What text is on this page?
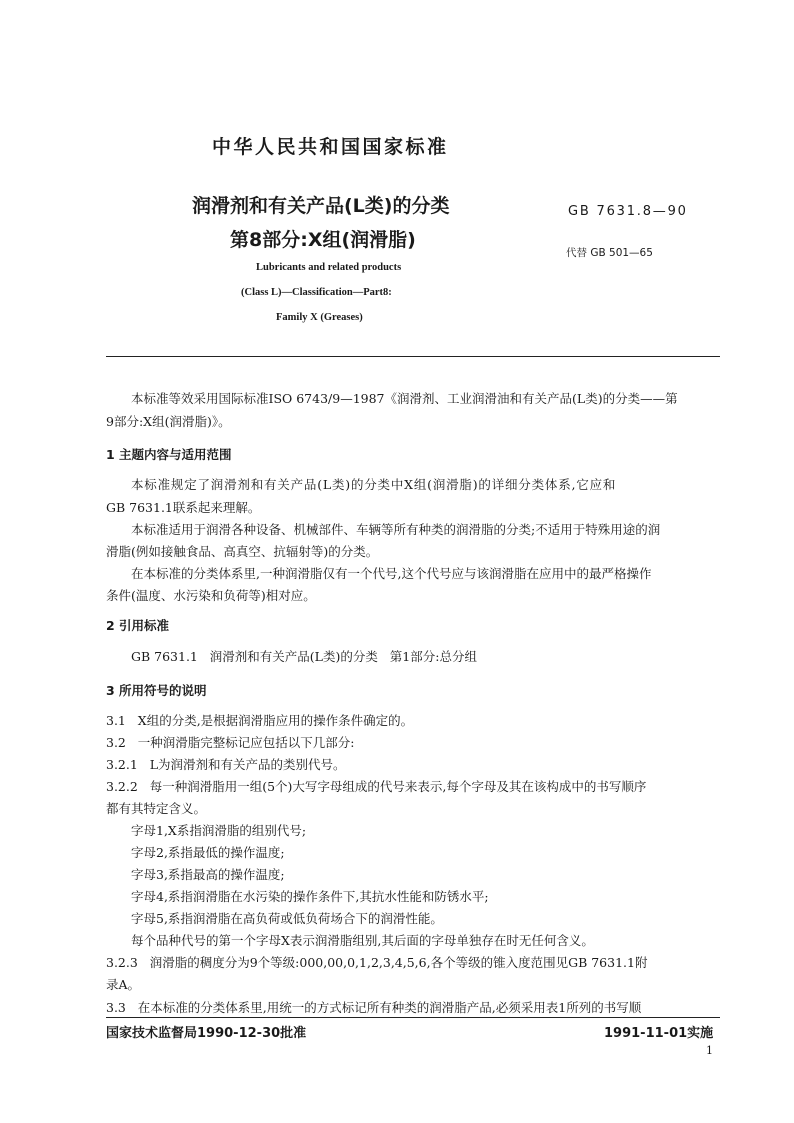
中华人民共和国国家标准
润滑剂和有关产品(L类)的分类
第8部分:X组(润滑脂)
Lubricants and related products
(Class L)—Classification—Part8:
Family X (Greases)
GB 7631.8—90
代替 GB 501—65
本标准等效采用国际标准ISO 6743/9—1987《润滑剂、工业润滑油和有关产品(L类)的分类——第
9部分:X组(润滑脂)》。
1 主题内容与适用范围
本标准规定了润滑剂和有关产品(L类)的分类中X组(润滑脂)的详细分类体系,它应和
GB 7631.1联系起来理解。
本标准适用于润滑各种设备、机械部件、车辆等所有种类的润滑脂的分类;不适用于特殊用途的润
滑脂(例如接触食品、高真空、抗辐射等)的分类。
在本标准的分类体系里,一种润滑脂仅有一个代号,这个代号应与该润滑脂在应用中的最严格操作
条件(温度、水污染和负荷等)相对应。
2 引用标准
GB 7631.1   润滑剂和有关产品(L类)的分类   第1部分:总分组
3 所用符号的说明
3.1   X组的分类,是根据润滑脂应用的操作条件确定的。
3.2   一种润滑脂完整标记应包括以下几部分:
3.2.1   L为润滑剂和有关产品的类别代号。
3.2.2   每一种润滑脂用一组(5个)大写字母组成的代号来表示,每个字母及其在该构成中的书写顺序
都有其特定含义。
字母1,X系指润滑脂的组别代号;
字母2,系指最低的操作温度;
字母3,系指最高的操作温度;
字母4,系指润滑脂在水污染的操作条件下,其抗水性能和防锈水平;
字母5,系指润滑脂在高负荷或低负荷场合下的润滑性能。
每个品种代号的第一个字母X表示润滑脂组别,其后面的字母单独存在时无任何含义。
3.2.3   润滑脂的稠度分为9个等级:000,00,0,1,2,3,4,5,6,各个等级的锥入度范围见GB 7631.1附
录A。
3.3   在本标准的分类体系里,用统一的方式标记所有种类的润滑脂产品,必须采用表1所列的书写顺
国家技术监督局1990-12-30批准	1991-11-01实施
1
